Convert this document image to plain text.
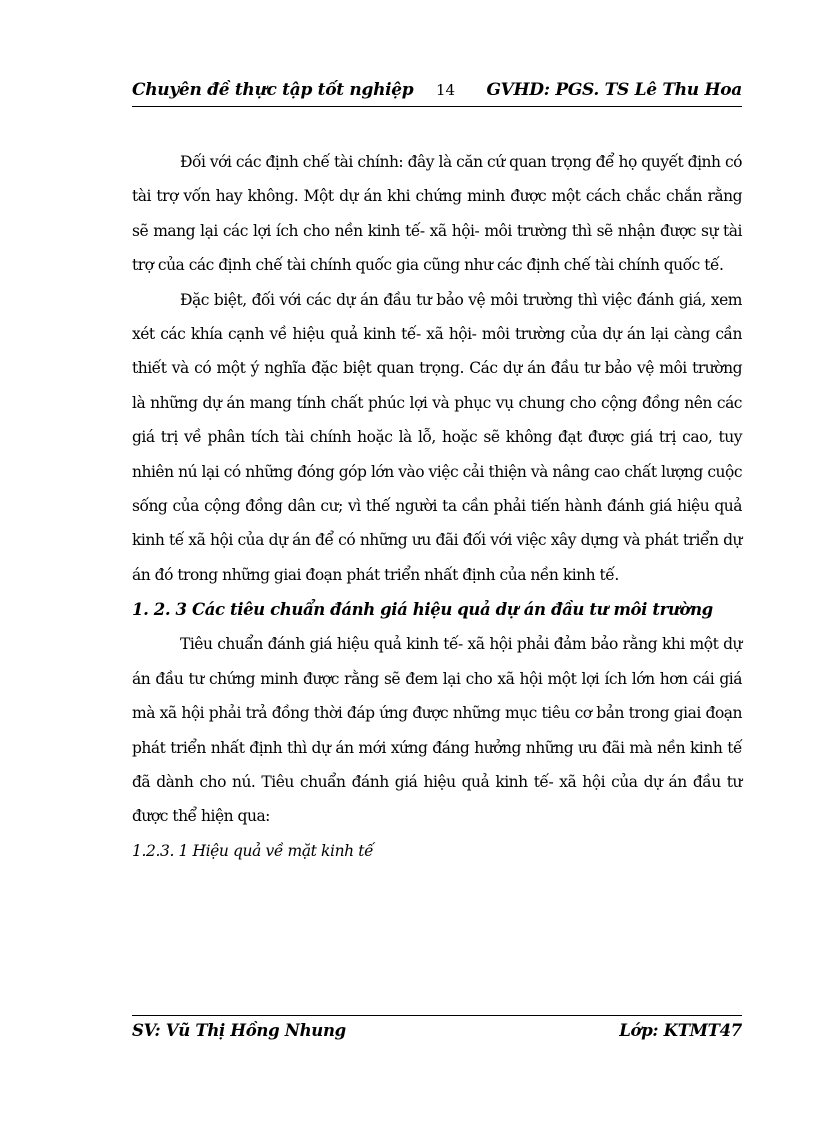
Chuyên đề thực tập tốt nghiệp 14 GVHD: PGS. TS Lê Thu Hoa

Đối với các định chế tài chính: đây là căn cứ quan trọng để họ quyết định có tài trợ vốn hay không. Một dự án khi chứng minh được một cách chắc chắn rằng sẽ mang lại các lợi ích cho nền kinh tế- xã hội- môi trường thì sẽ nhận được sự tài trợ của các định chế tài chính quốc gia cũng như các định chế tài chính quốc tế.

Đặc biệt, đối với các dự án đầu tư bảo vệ môi trường thì việc đánh giá, xem xét các khía cạnh về hiệu quả kinh tế- xã hội- môi trường của dự án lại càng cần thiết và có một ý nghĩa đặc biệt quan trọng. Các dự án đầu tư bảo vệ môi trường là những dự án mang tính chất phúc lợi và phục vụ chung cho cộng đồng nên các giá trị về phân tích tài chính hoặc là lỗ, hoặc sẽ không đạt được giá trị cao, tuy nhiên nú lại có những đóng góp lớn vào việc cải thiện và nâng cao chất lượng cuộc sống của cộng đồng dân cư; vì thế người ta cần phải tiến hành đánh giá hiệu quả kinh tế xã hội của dự án để có những ưu đãi đối với việc xây dựng và phát triển dự án đó trong những giai đoạn phát triển nhất định của nền kinh tế.

1. 2. 3 Các tiêu chuẩn đánh giá hiệu quả dự án đầu tư môi trường

Tiêu chuẩn đánh giá hiệu quả kinh tế- xã hội phải đảm bảo rằng khi một dự án đầu tư chứng minh được rằng sẽ đem lại cho xã hội một lợi ích lớn hơn cái giá mà xã hội phải trả đồng thời đáp ứng được những mục tiêu cơ bản trong giai đoạn phát triển nhất định thì dự án mới xứng đáng hưởng những ưu đãi mà nền kinh tế đã dành cho nú. Tiêu chuẩn đánh giá hiệu quả kinh tế- xã hội của dự án đầu tư được thể hiện qua:

1.2.3. 1 Hiệu quả về mặt kinh tế

SV: Vũ Thị Hồng Nhung	Lớp: KTMT47
